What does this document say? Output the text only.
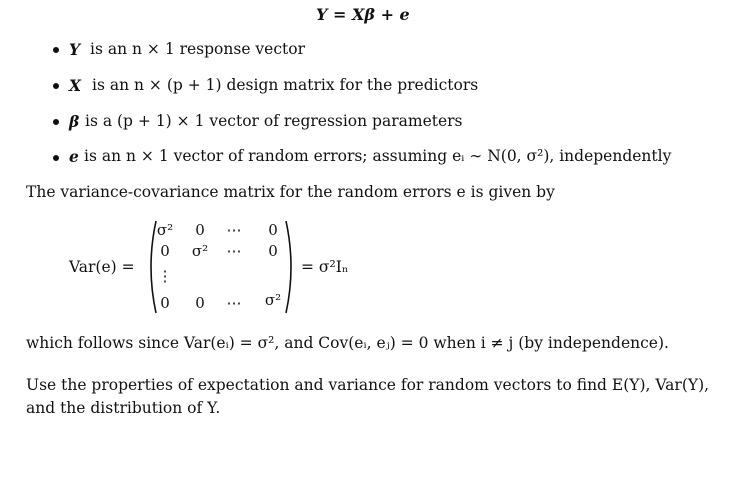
Y = Xβ + e
Y is an n × 1 response vector
X is an n × (p + 1) design matrix for the predictors
β is a (p + 1) × 1 vector of regression parameters
e is an n × 1 vector of random errors; assuming eᵢ ∼ N(0, σ²), independently
The variance-covariance matrix for the random errors e is given by
Var(e) =
σ²	0	⋯	0
0	σ²	⋯	0
⋮
0	0	⋯	σ²
= σ²Iₙ
which follows since Var(eᵢ) = σ², and Cov(eᵢ, eⱼ) = 0 when i ≠ j (by independence).
Use the properties of expectation and variance for random vectors to find E(Y), Var(Y),
and the distribution of Y.
